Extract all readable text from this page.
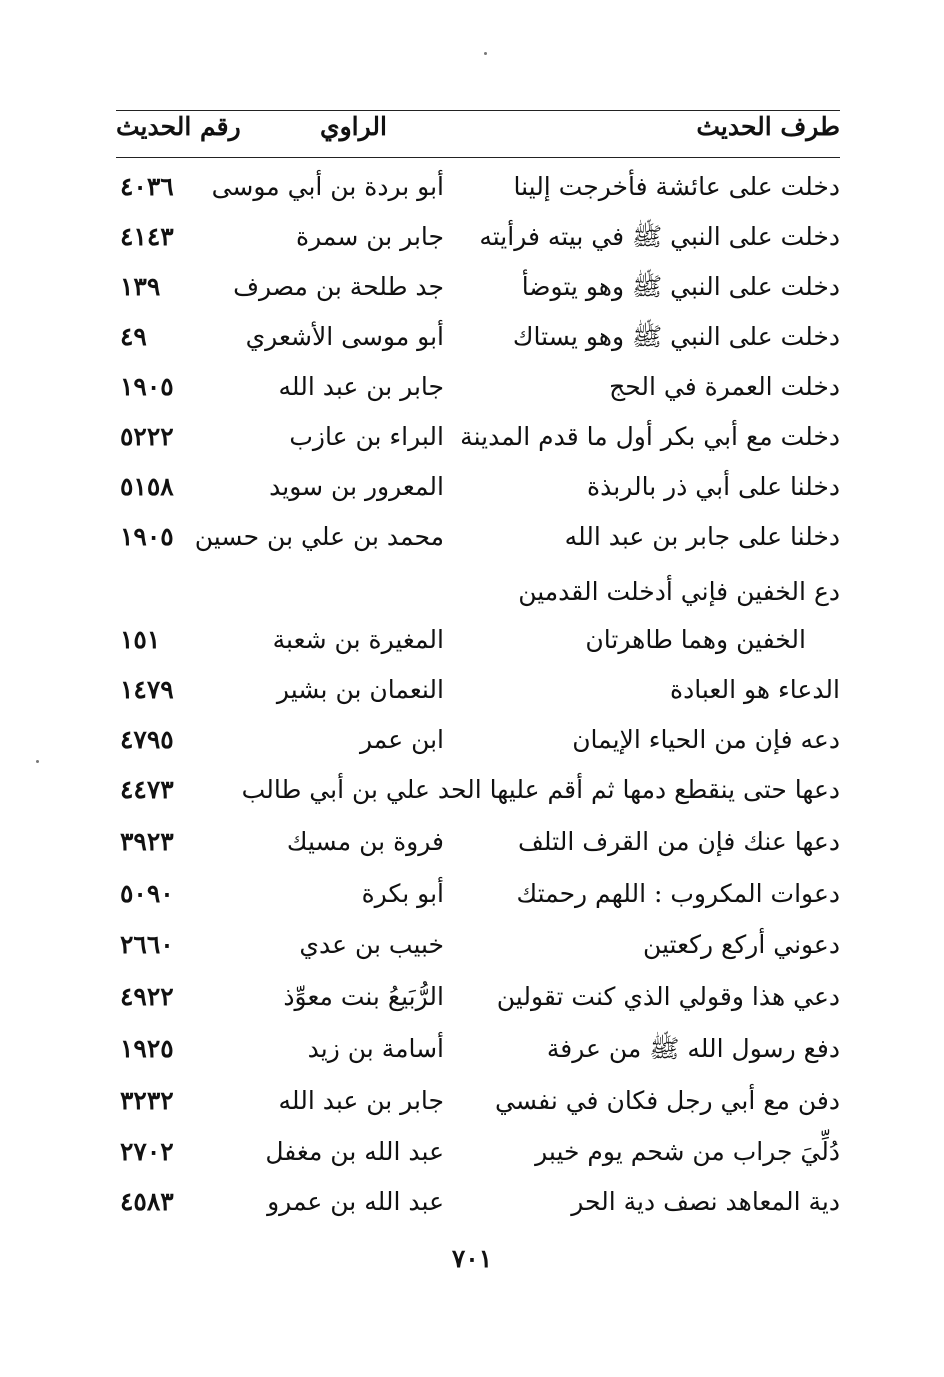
طرف الحديث
الراوي
رقم الحديث
دخلت على عائشة فأخرجت إلينا
أبو بردة بن أبي موسى
٤٠٣٦
دخلت على النبي ﷺ في بيته فرأيته
جابر بن سمرة
٤١٤٣
دخلت على النبي ﷺ وهو يتوضأ
جد طلحة بن مصرف
١٣٩
دخلت على النبي ﷺ وهو يستاك
أبو موسى الأشعري
٤٩
دخلت العمرة في الحج
جابر بن عبد الله
١٩٠٥
دخلت مع أبي بكر أول ما قدم المدينة
البراء بن عازب
٥٢٢٢
دخلنا على أبي ذر بالربذة
المعرور بن سويد
٥١٥٨
دخلنا على جابر بن عبد الله
محمد بن علي بن حسين
١٩٠٥
دع الخفين فإني أدخلت القدمين
الخفين وهما طاهرتان
المغيرة بن شعبة
١٥١
الدعاء هو العبادة
النعمان بن بشير
١٤٧٩
دعه فإن من الحياء الإيمان
ابن عمر
٤٧٩٥
دعها حتى ينقطع دمها ثم أقم عليها الحد علي بن أبي طالب
٤٤٧٣
دعها عنك فإن من القرف التلف
فروة بن مسيك
٣٩٢٣
دعوات المكروب : اللهم رحمتك
أبو بكرة
٥٠٩٠
دعوني أركع ركعتين
خبيب بن عدي
٢٦٦٠
دعي هذا وقولي الذي كنت تقولين
الرُّبَيعُ بنت معوِّذ
٤٩٢٢
دفع رسول الله ﷺ من عرفة
أسامة بن زيد
١٩٢٥
دفن مع أبي رجل فكان في نفسي
جابر بن عبد الله
٣٢٣٢
دُلِّيَ جراب من شحم يوم خيبر
عبد الله بن مغفل
٢٧٠٢
دية المعاهد نصف دية الحر
عبد الله بن عمرو
٤٥٨٣
٧٠١
